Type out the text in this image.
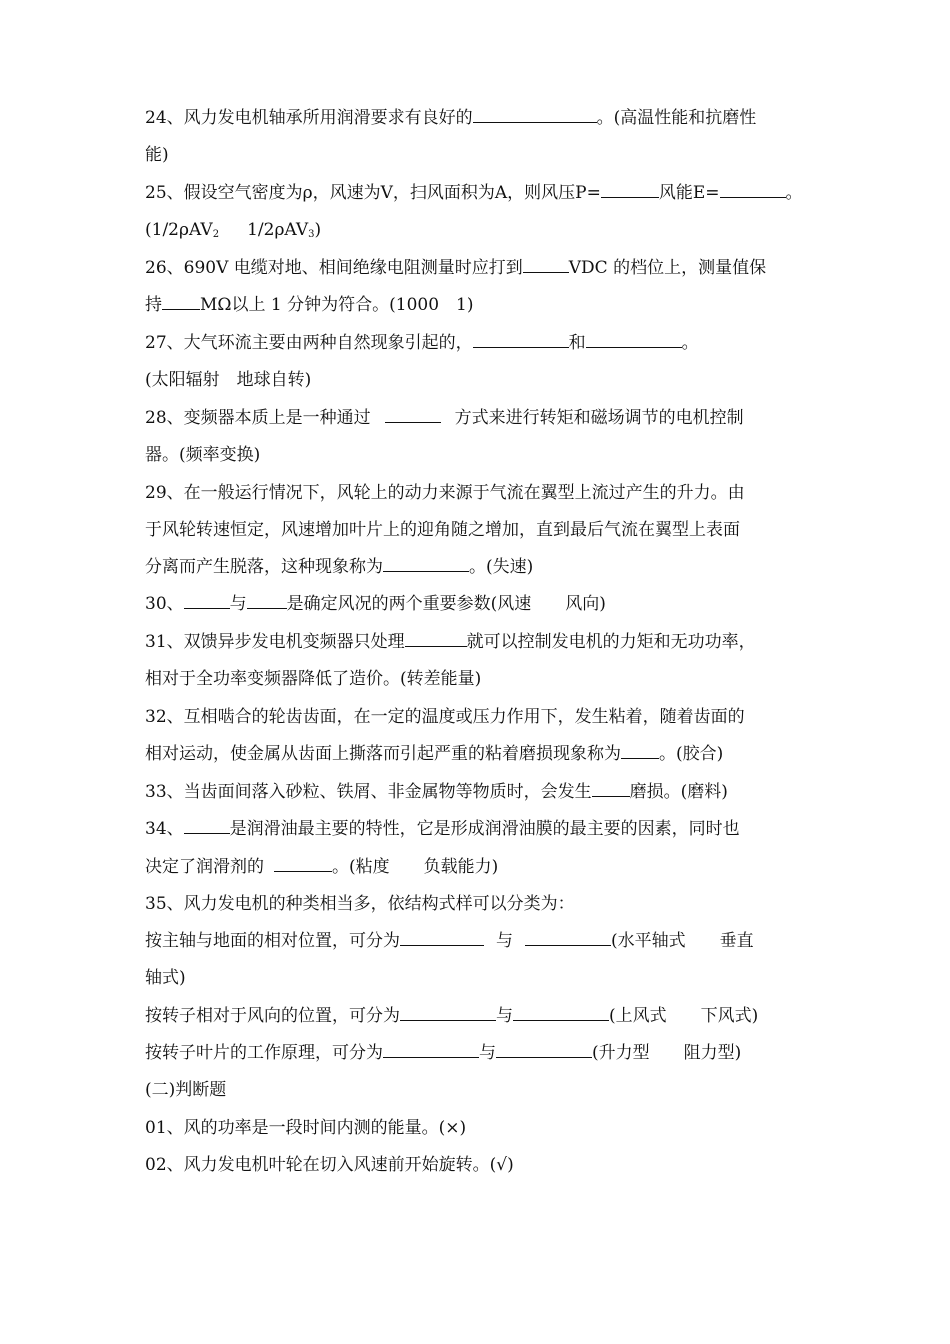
24、风力发电机轴承所用润滑要求有良好的	。(高温性能和抗磨性
能)
25、假设空气密度为ρ，风速为V，扫风面积为A，则风压P=	风能E=	。
(1/2ρAV$_2$ 1/2ρAV$_3$)
26、690V 电缆对地、相间绝缘电阻测量时应打到	VDC 的档位上，测量值保
持 MΩ以上 1 分钟为符合。(1000　1)
27、大气环流主要由两种自然现象引起的，	和	。
(太阳辐射　地球自转)
28、变频器本质上是一种通过	方式来进行转矩和磁场调节的电机控制
器。(频率变换)
29、在一般运行情况下，风轮上的动力来源于气流在翼型上流过产生的升力。由
于风轮转速恒定，风速增加叶片上的迎角随之增加，直到最后气流在翼型上表面
分离而产生脱落，这种现象称为	。(失速)
30、	与 是确定风况的两个重要参数(风速　　风向)
31、双馈异步发电机变频器只处理	就可以控制发电机的力矩和无功功率，
相对于全功率变频器降低了造价。(转差能量)
32、互相啮合的轮齿齿面，在一定的温度或压力作用下，发生粘着，随着齿面的
相对运动，使金属从齿面上撕落而引起严重的粘着磨损现象称为 。(胶合)
33、当齿面间落入砂粒、铁屑、非金属物等物质时，会发生 磨损。(磨料)
34、	是润滑油最主要的特性，它是形成润滑油膜的最主要的因素，同时也
决定了润滑剂的	。(粘度　　负载能力)
35、风力发电机的种类相当多，依结构式样可以分类为：
按主轴与地面的相对位置，可分为	与	(水平轴式　　垂直
轴式)
按转子相对于风向的位置，可分为	与	(上风式　　下风式)
按转子叶片的工作原理，可分为	与	(升力型　　阻力型)
(二)判断题
01、风的功率是一段时间内测的能量。(×)
02、风力发电机叶轮在切入风速前开始旋转。(√)
